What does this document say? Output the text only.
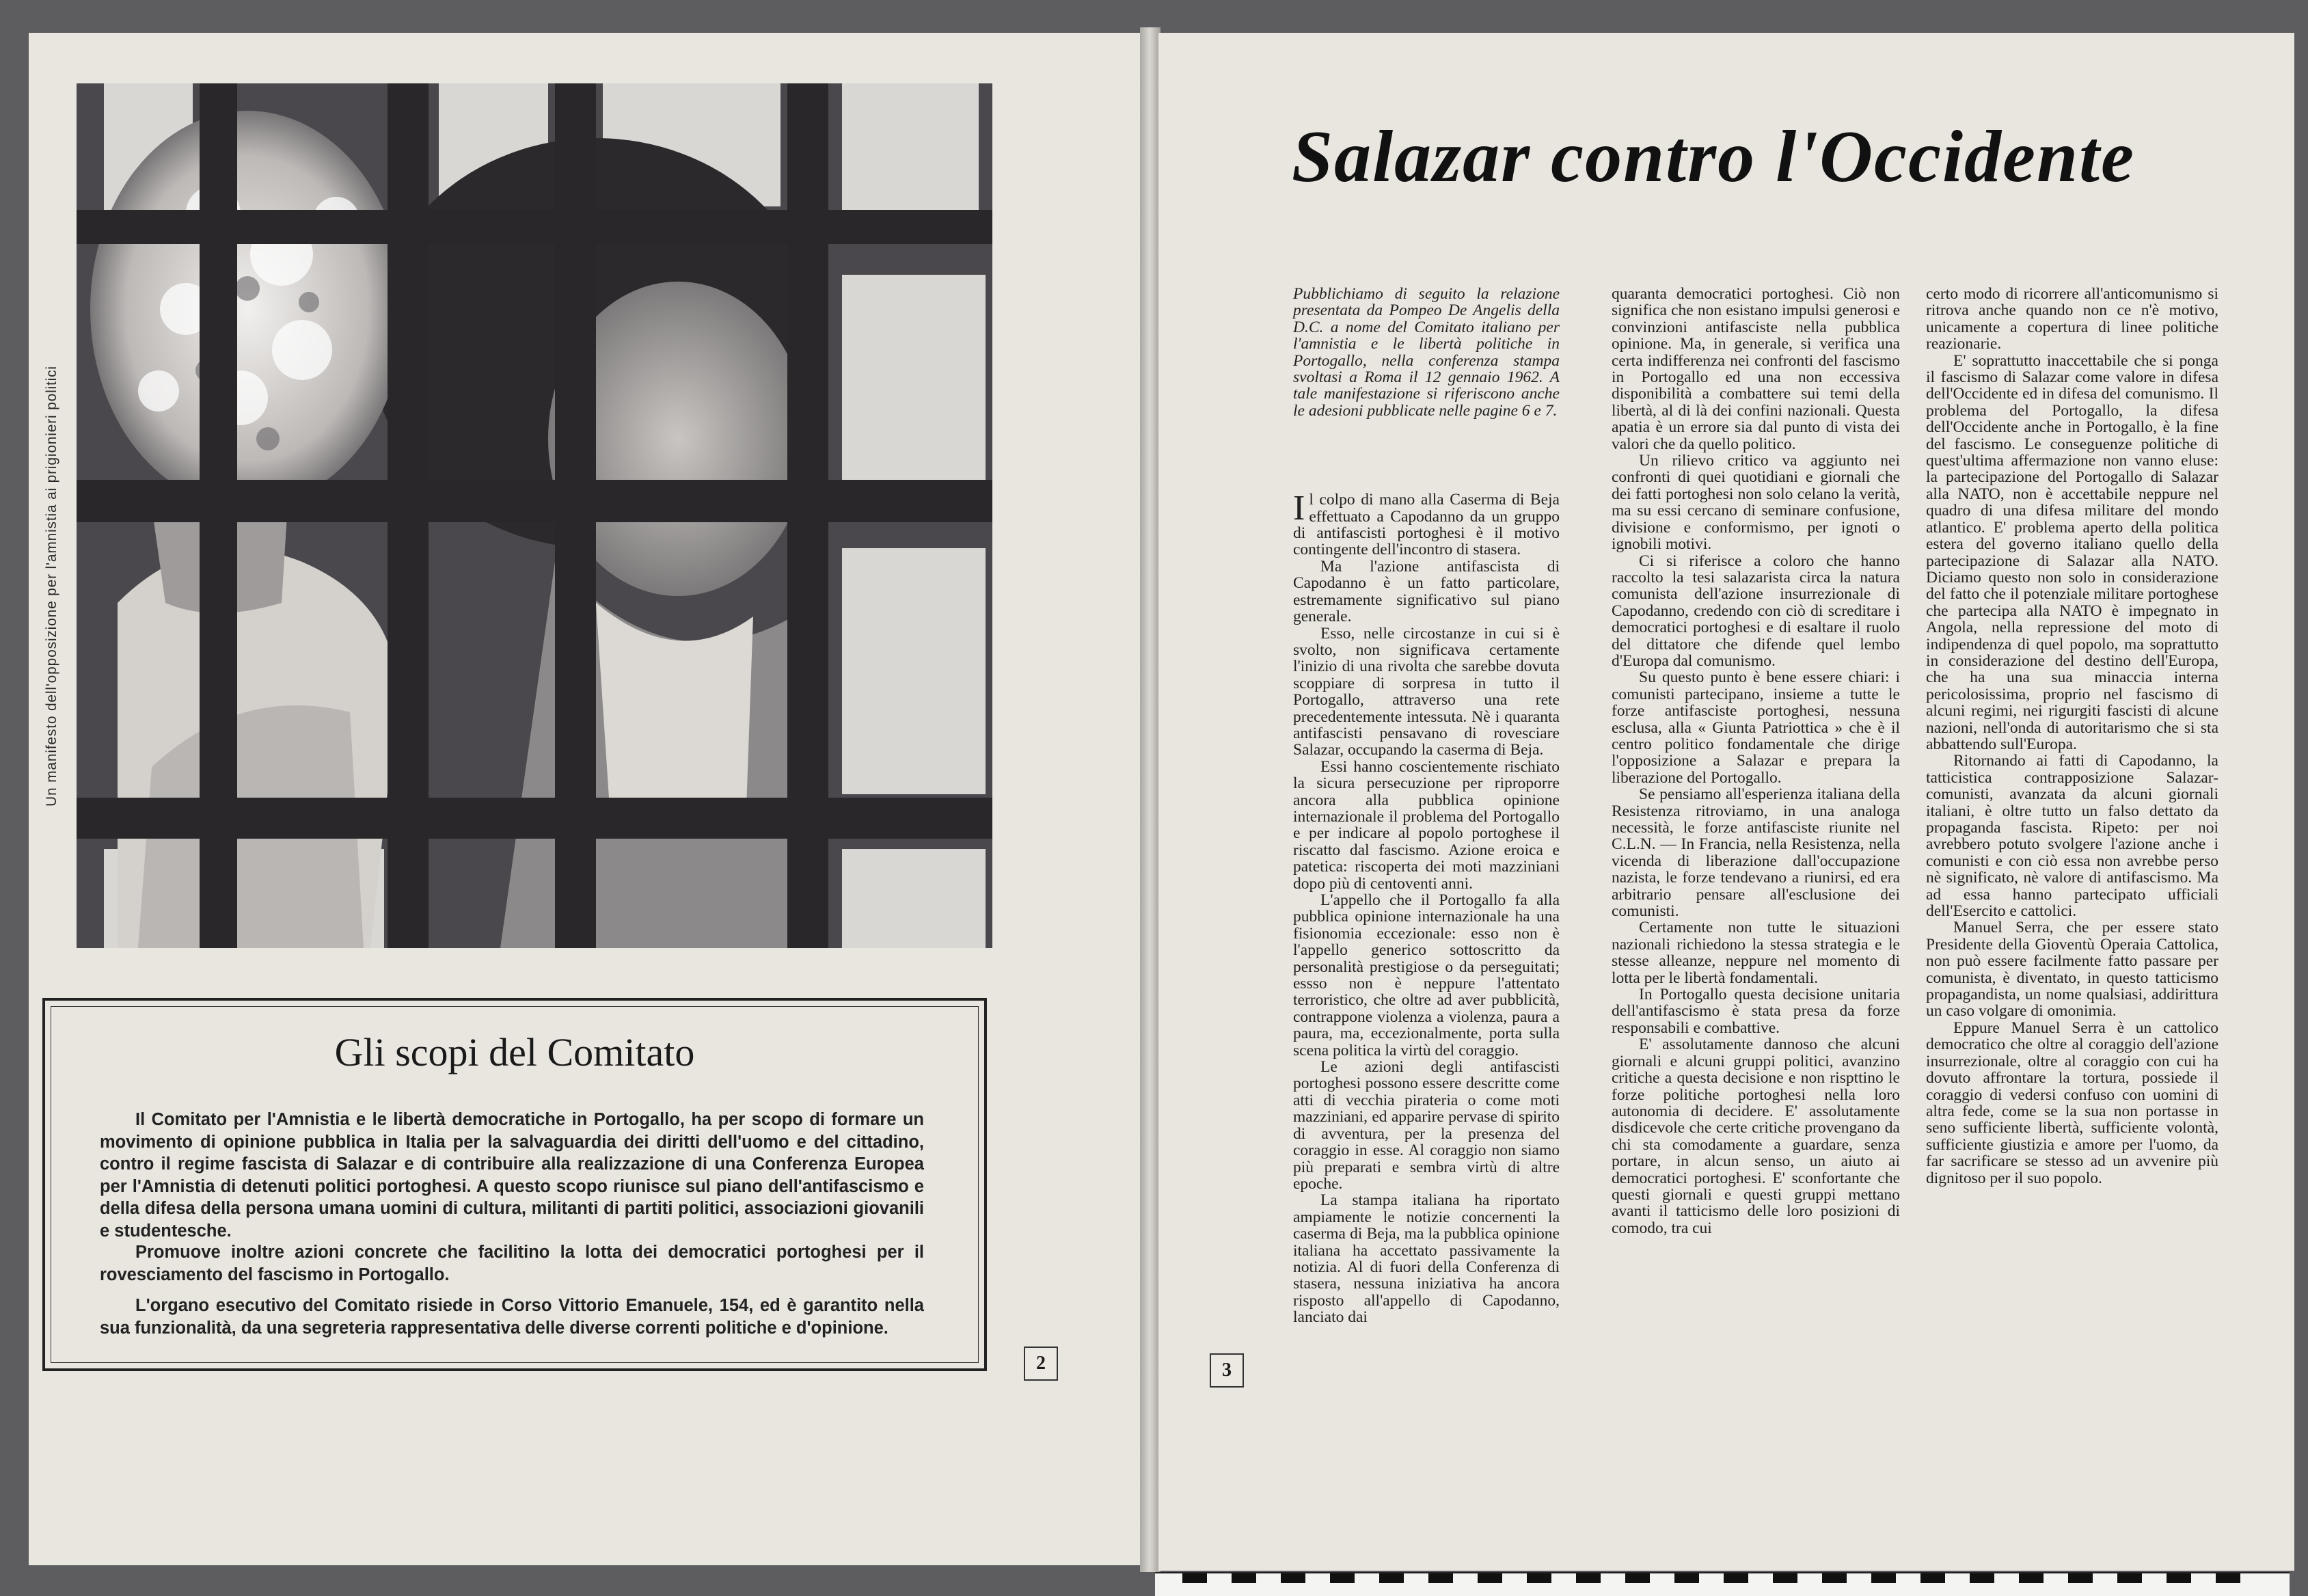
Un manifesto dell'opposizione per l'amnistia ai prigionieri politici
Gli scopi del Comitato
Il Comitato per l'Amnistia e le libertà democratiche in Portogallo, ha per scopo di formare un movimento di opinione pubblica in Italia per la salvaguardia dei diritti dell'uomo e del cittadino, contro il regime fascista di Salazar e di contribuire alla realizzazione di una Conferenza Europea per l'Amnistia di detenuti politici portoghesi. A questo scopo riunisce sul piano dell'antifascismo e della difesa della persona umana uomini di cultura, militanti di partiti politici, associazioni giovanili e studentesche.
Promuove inoltre azioni concrete che facilitino la lotta dei democratici portoghesi per il rovesciamento del fascismo in Portogallo.
L'organo esecutivo del Comitato risiede in Corso Vittorio Emanuele, 154, ed è garantito nella sua funzionalità, da una segreteria rappresentativa delle diverse correnti politiche e d'opinione.
2
Salazar contro l'Occidente

Pubblichiamo di seguito la relazione presentata da Pompeo De Angelis della D.C. a nome del Comitato italiano per l'amnistia e le libertà politiche in Portogallo, nella conferenza stampa svoltasi a Roma il 12 gennaio 1962. A tale manifestazione si riferiscono anche le adesioni pubblicate nelle pagine 6 e 7.

Il colpo di mano alla Caserma di Beja effettuato a Capodanno da un gruppo di antifascisti portoghesi è il motivo contingente dell'incontro di stasera.

Ma l'azione antifascista di Capodanno è un fatto particolare, estremamente significativo sul piano generale.

Esso, nelle circostanze in cui si è svolto, non significava certamente l'inizio di una rivolta che sarebbe dovuta scoppiare di sorpresa in tutto il Portogallo, attraverso una rete precedentemente intessuta. Nè i quaranta antifascisti pensavano di rovesciare Salazar, occupando la caserma di Beja.

Essi hanno coscientemente rischiato la sicura persecuzione per riproporre ancora alla pubblica opinione internazionale il problema del Portogallo e per indicare al popolo portoghese il riscatto dal fascismo. Azione eroica e patetica: riscoperta dei moti mazziniani dopo più di centoventi anni.

L'appello che il Portogallo fa alla pubblica opinione internazionale ha una fisionomia eccezionale: esso non è l'appello generico sottoscritto da personalità prestigiose o da perseguitati; essso non è neppure l'attentato terroristico, che oltre ad aver pubblicità, contrappone violenza a violenza, paura a paura, ma, eccezionalmente, porta sulla scena politica la virtù del coraggio.

Le azioni degli antifascisti portoghesi possono essere descritte come atti di vecchia pirateria o come moti mazziniani, ed apparire pervase di spirito di avventura, per la presenza del coraggio in esse. Al coraggio non siamo più preparati e sembra virtù di altre epoche.

La stampa italiana ha riportato ampiamente le notizie concernenti la caserma di Beja, ma la pubblica opinione italiana ha accettato passivamente la notizia. Al di fuori della Conferenza di stasera, nessuna iniziativa ha ancora risposto all'appello di Capodanno, lanciato dai

quaranta democratici portoghesi. Ciò non significa che non esistano impulsi generosi e convinzioni antifasciste nella pubblica opinione. Ma, in generale, si verifica una certa indifferenza nei confronti del fascismo in Portogallo ed una non eccessiva disponibilità a combattere sui temi della libertà, al di là dei confini nazionali. Questa apatia è un errore sia dal punto di vista dei valori che da quello politico.

Un rilievo critico va aggiunto nei confronti di quei quotidiani e giornali che dei fatti portoghesi non solo celano la verità, ma su essi cercano di seminare confusione, divisione e conformismo, per ignoti o ignobili motivi.

Ci si riferisce a coloro che hanno raccolto la tesi salazarista circa la natura comunista dell'azione insurrezionale di Capodanno, credendo con ciò di screditare i democratici portoghesi e di esaltare il ruolo del dittatore che difende quel lembo d'Europa dal comunismo.

Su questo punto è bene essere chiari: i comunisti partecipano, insieme a tutte le forze antifasciste portoghesi, nessuna esclusa, alla « Giunta Patriottica » che è il centro politico fondamentale che dirige l'opposizione a Salazar e prepara la liberazione del Portogallo.

Se pensiamo all'esperienza italiana della Resistenza ritroviamo, in una analoga necessità, le forze antifasciste riunite nel C.L.N. — In Francia, nella Resistenza, nella vicenda di liberazione dall'occupazione nazista, le forze tendevano a riunirsi, ed era arbitrario pensare all'esclusione dei comunisti.

Certamente non tutte le situazioni nazionali richiedono la stessa strategia e le stesse alleanze, neppure nel momento di lotta per le libertà fondamentali.

In Portogallo questa decisione unitaria dell'antifascismo è stata presa da forze responsabili e combattive.

E' assolutamente dannoso che alcuni giornali e alcuni gruppi politici, avanzino critiche a questa decisione e non rispttino le forze politiche portoghesi nella loro autonomia di decidere. E' assolutamente disdicevole che certe critiche provengano da chi sta comodamente a guardare, senza portare, in alcun senso, un aiuto ai democratici portoghesi. E' sconfortante che questi giornali e questi gruppi mettano avanti il tatticismo delle loro posizioni di comodo, tra cui

certo modo di ricorrere all'anticomunismo si ritrova anche quando non ce n'è motivo, unicamente a copertura di linee politiche reazionarie.

E' soprattutto inaccettabile che si ponga il fascismo di Salazar come valore in difesa dell'Occidente ed in difesa del comunismo. Il problema del Portogallo, la difesa dell'Occidente anche in Portogallo, è la fine del fascismo. Le conseguenze politiche di quest'ultima affermazione non vanno eluse: la partecipazione del Portogallo di Salazar alla NATO, non è accettabile neppure nel quadro di una difesa militare del mondo atlantico. E' problema aperto della politica estera del governo italiano quello della partecipazione di Salazar alla NATO. Diciamo questo non solo in considerazione del fatto che il potenziale militare portoghese che partecipa alla NATO è impegnato in Angola, nella repressione del moto di indipendenza di quel popolo, ma soprattutto in considerazione del destino dell'Europa, che ha una sua minaccia interna pericolosissima, proprio nel fascismo di alcuni regimi, nei rigurgiti fascisti di alcune nazioni, nell'onda di autoritarismo che si sta abbattendo sull'Europa.

Ritornando ai fatti di Capodanno, la tatticistica contrapposizione Salazar-comunisti, avanzata da alcuni giornali italiani, è oltre tutto un falso dettato da propaganda fascista. Ripeto: per noi avrebbero potuto svolgere l'azione anche i comunisti e con ciò essa non avrebbe perso nè significato, nè valore di antifascismo. Ma ad essa hanno partecipato ufficiali dell'Esercito e cattolici.

Manuel Serra, che per essere stato Presidente della Gioventù Operaia Cattolica, non può essere facilmente fatto passare per comunista, è diventato, in questo tatticismo propagandista, un nome qualsiasi, addirittura un caso volgare di omonimia.

Eppure Manuel Serra è un cattolico democratico che oltre al coraggio dell'azione insurrezionale, oltre al coraggio con cui ha dovuto affrontare la tortura, possiede il coraggio di vedersi confuso con uomini di altra fede, come se la sua non portasse in seno sufficiente libertà, sufficiente volontà, sufficiente giustizia e amore per l'uomo, da far sacrificare se stesso ad un avvenire più dignitoso per il suo popolo.

3
